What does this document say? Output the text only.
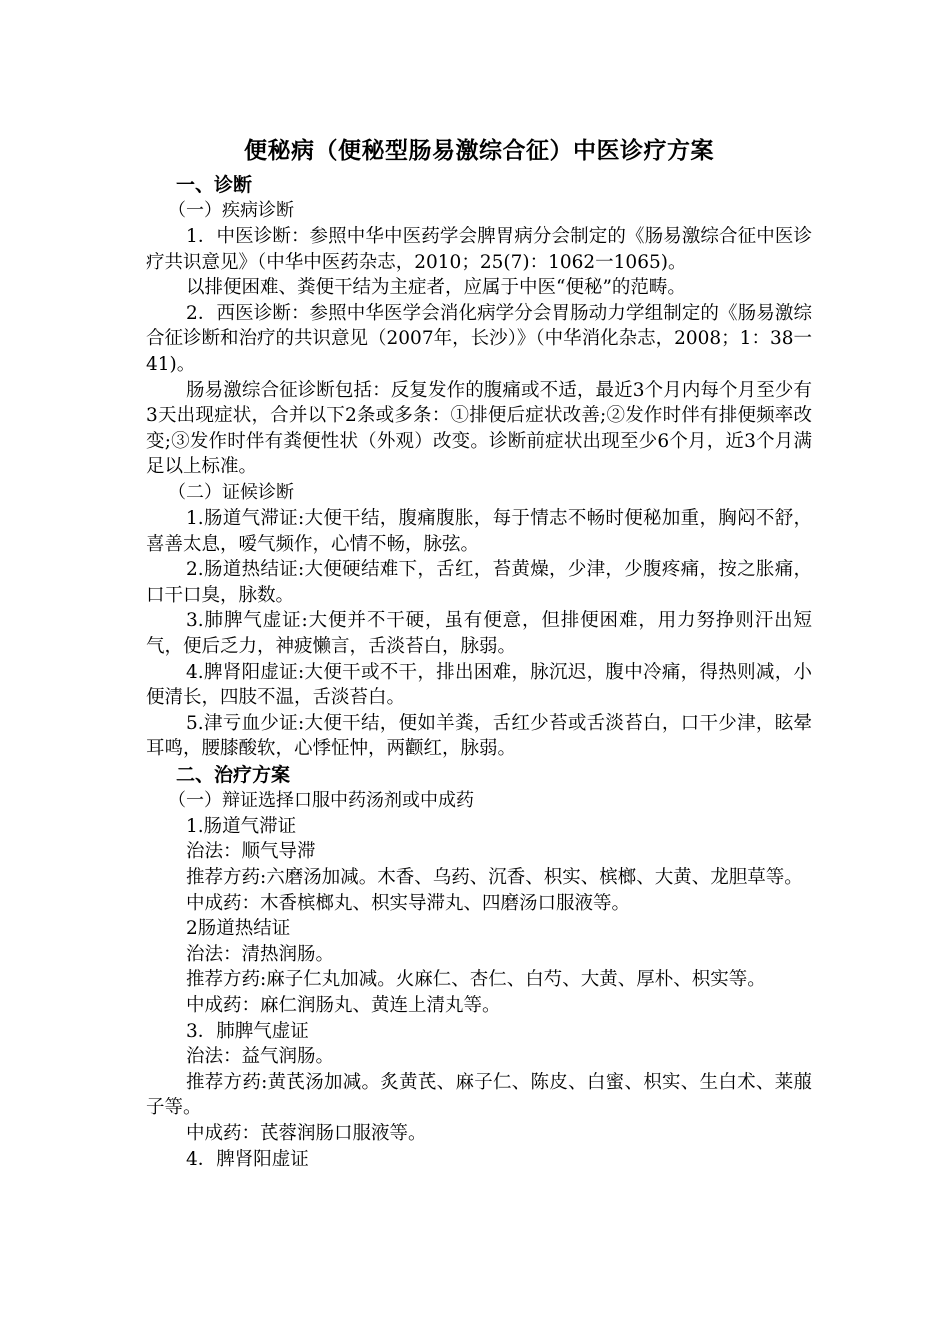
便秘病（便秘型肠易激综合征）中医诊疗方案
一、诊断
（一）疾病诊断

1．中医诊断：参照中华中医药学会脾胃病分会制定的《肠易激综合征中医诊疗共识意见》（中华中医药杂志，2010；25(7)：1062一1065)。

以排便困难、粪便干结为主症者，应属于中医“便秘”的范畴。

2．西医诊断：参照中华医学会消化病学分会胃肠动力学组制定的《肠易激综合征诊断和治疗的共识意见（2007年，长沙）》（中华消化杂志，2008；1：38一41)。

肠易激综合征诊断包括：反复发作的腹痛或不适，最近3个月内每个月至少有3天出现症状，合并以下2条或多条：①排便后症状改善;②发作时伴有排便频率改变;③发作时伴有粪便性状（外观）改变。诊断前症状出现至少6个月，近3个月满足以上标准。

（二）证候诊断

1.肠道气滞证:大便干结，腹痛腹胀，每于情志不畅时便秘加重，胸闷不舒，喜善太息，嗳气频作，心情不畅，脉弦。

2.肠道热结证:大便硬结难下，舌红，苔黄燥，少津，少腹疼痛，按之胀痛，口干口臭，脉数。

3.肺脾气虚证:大便并不干硬，虽有便意，但排便困难，用力努挣则汗出短气，便后乏力，神疲懒言，舌淡苔白，脉弱。

4.脾肾阳虚证:大便干或不干，排出困难，脉沉迟，腹中冷痛，得热则减，小便清长，四肢不温，舌淡苔白。

5.津亏血少证:大便干结，便如羊粪，舌红少苔或舌淡苔白，口干少津，眩晕耳鸣，腰膝酸软，心悸怔忡，两颧红，脉弱。

二、治疗方案
（一）辩证选择口服中药汤剂或中成药

1.肠道气滞证

治法：顺气导滞

推荐方药:六磨汤加减。木香、乌药、沉香、枳实、槟榔、大黄、龙胆草等。

中成药：木香槟榔丸、枳实导滞丸、四磨汤口服液等。

2肠道热结证

治法：清热润肠。

推荐方药:麻子仁丸加减。火麻仁、杏仁、白芍、大黄、厚朴、枳实等。

中成药：麻仁润肠丸、黄连上清丸等。

3．肺脾气虚证

治法：益气润肠。

推荐方药:黄芪汤加减。炙黄芪、麻子仁、陈皮、白蜜、枳实、生白术、莱菔子等。

中成药：芪蓉润肠口服液等。

4．脾肾阳虚证
